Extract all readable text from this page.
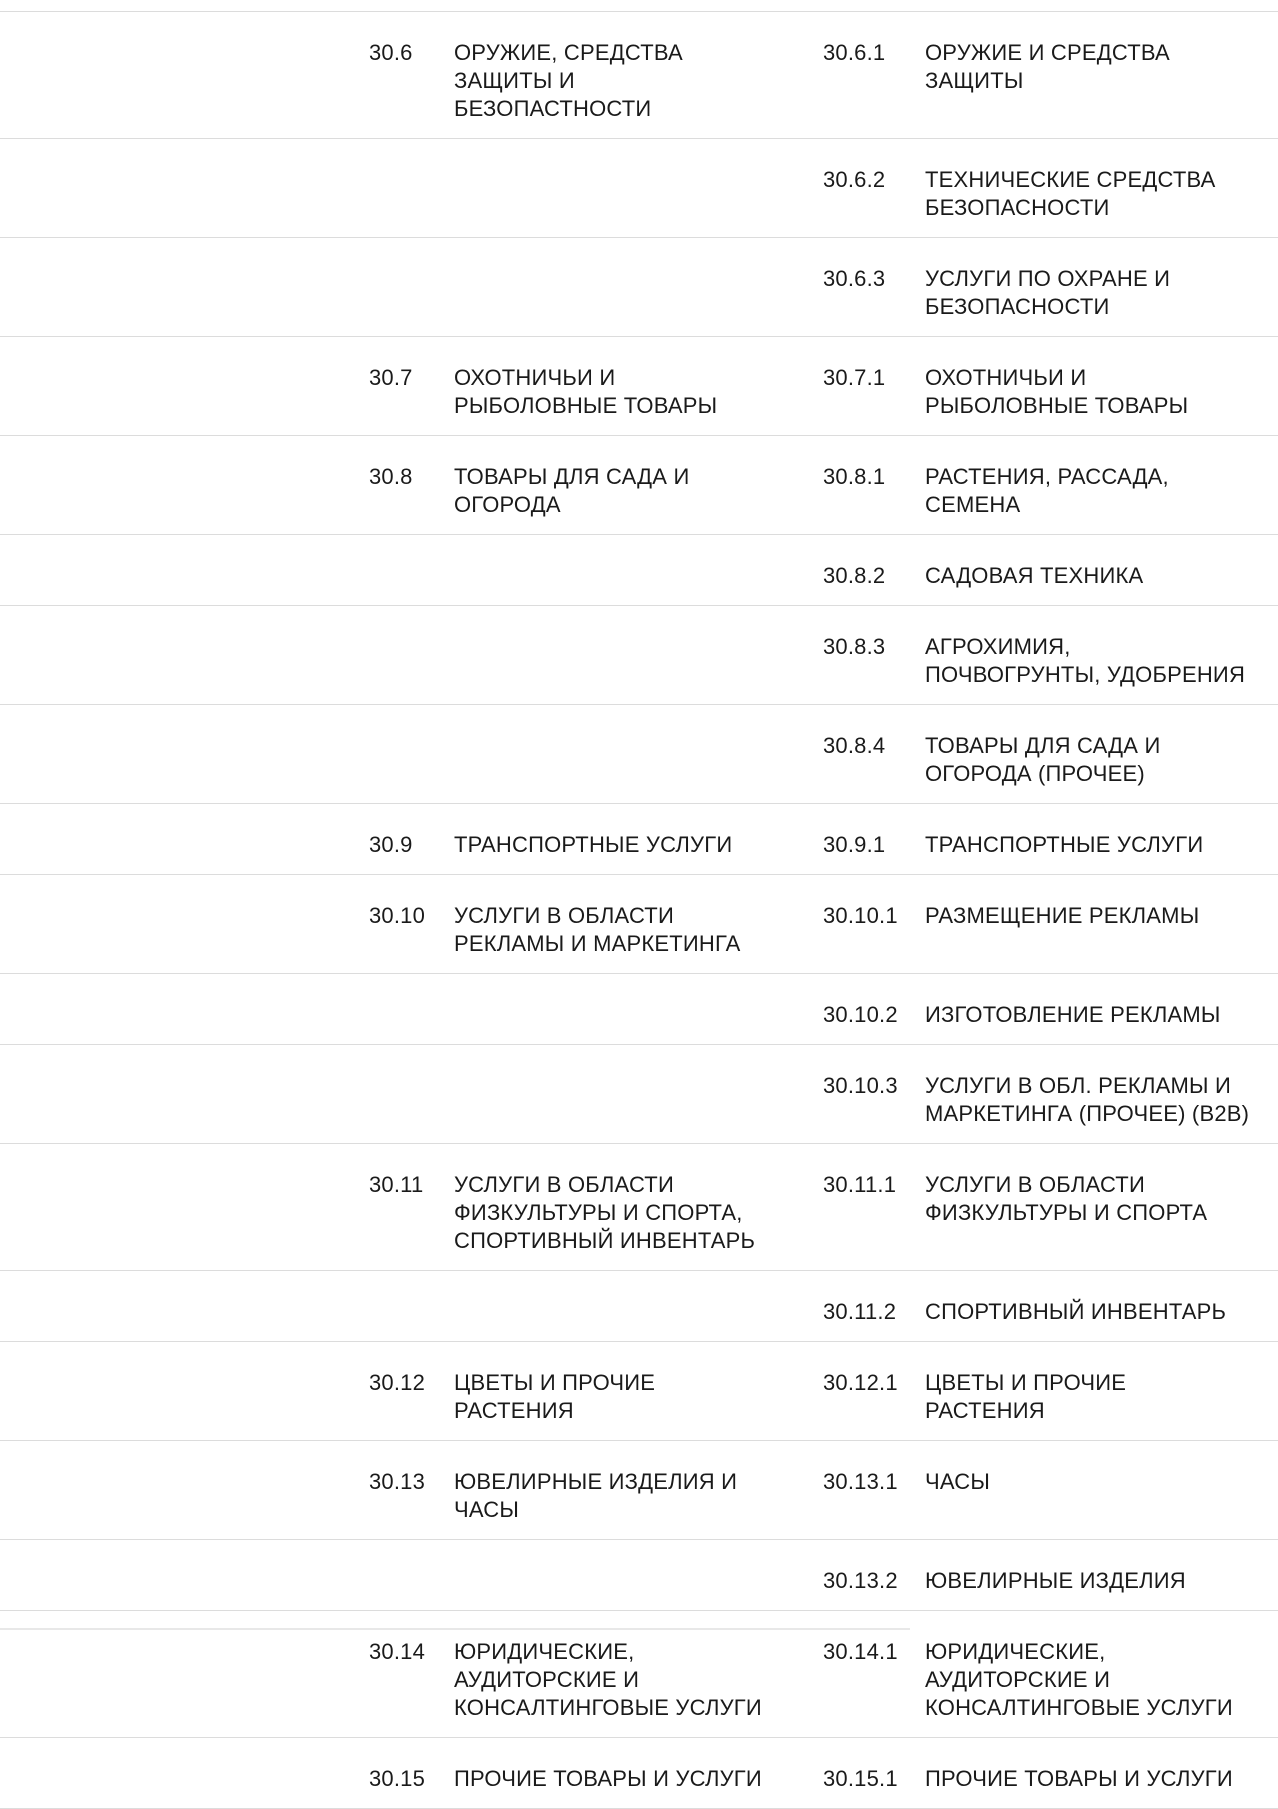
30.6 ОРУЖИЕ, СРЕДСТВА
ЗАЩИТЫ И
БЕЗОПАСТНОСТИ
30.6.1 ОРУЖИЕ И СРЕДСТВА
ЗАЩИТЫ
30.6.2 ТЕХНИЧЕСКИЕ СРЕДСТВА
БЕЗОПАСНОСТИ
30.6.3 УСЛУГИ ПО ОХРАНЕ И
БЕЗОПАСНОСТИ
30.7 ОХОТНИЧЬИ И
РЫБОЛОВНЫЕ ТОВАРЫ
30.7.1 ОХОТНИЧЬИ И
РЫБОЛОВНЫЕ ТОВАРЫ
30.8 ТОВАРЫ ДЛЯ САДА И
ОГОРОДА
30.8.1 РАСТЕНИЯ, РАССАДА,
СЕМЕНА
30.8.2 САДОВАЯ ТЕХНИКА
30.8.3 АГРОХИМИЯ,
ПОЧВОГРУНТЫ, УДОБРЕНИЯ
30.8.4 ТОВАРЫ ДЛЯ САДА И
ОГОРОДА (ПРОЧЕЕ)
30.9 ТРАНСПОРТНЫЕ УСЛУГИ	30.9.1 ТРАНСПОРТНЫЕ УСЛУГИ
30.10 УСЛУГИ В ОБЛАСТИ
РЕКЛАМЫ И МАРКЕТИНГА
30.10.1 РАЗМЕЩЕНИЕ РЕКЛАМЫ
30.10.2 ИЗГОТОВЛЕНИЕ РЕКЛАМЫ
30.10.3 УСЛУГИ В ОБЛ. РЕКЛАМЫ И
МАРКЕТИНГА (ПРОЧЕЕ) (B2B)
30.11 УСЛУГИ В ОБЛАСТИ
ФИЗКУЛЬТУРЫ И СПОРТА,
СПОРТИВНЫЙ ИНВЕНТАРЬ
30.11.1 УСЛУГИ В ОБЛАСТИ
ФИЗКУЛЬТУРЫ И СПОРТА
30.11.2 СПОРТИВНЫЙ ИНВЕНТАРЬ
30.12 ЦВЕТЫ И ПРОЧИЕ
РАСТЕНИЯ
30.12.1 ЦВЕТЫ И ПРОЧИЕ
РАСТЕНИЯ
30.13 ЮВЕЛИРНЫЕ ИЗДЕЛИЯ И
ЧАСЫ
30.13.1 ЧАСЫ
30.13.2 ЮВЕЛИРНЫЕ ИЗДЕЛИЯ
30.14 ЮРИДИЧЕСКИЕ,
АУДИТОРСКИЕ И
КОНСАЛТИНГОВЫЕ УСЛУГИ
30.14.1 ЮРИДИЧЕСКИЕ,
АУДИТОРСКИЕ И
КОНСАЛТИНГОВЫЕ УСЛУГИ
30.15 ПРОЧИЕ ТОВАРЫ И УСЛУГИ	30.15.1 ПРОЧИЕ ТОВАРЫ И УСЛУГИ
